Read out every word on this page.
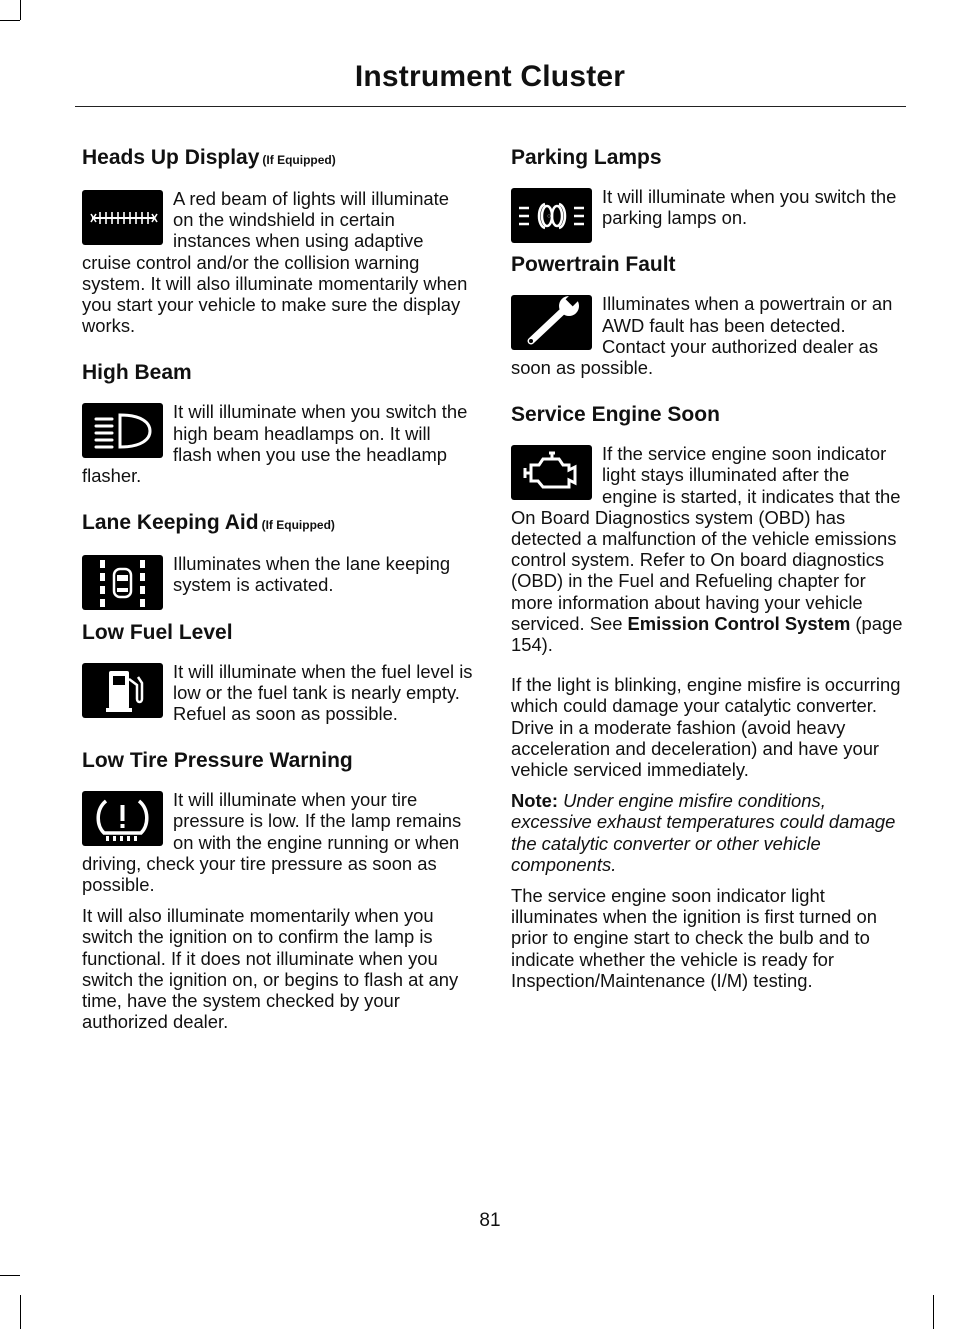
Instrument Cluster
Heads Up Display (If Equipped)

A red beam of lights will illuminate on the windshield in certain instances when using adaptive cruise control and/or the collision warning system. It will also illuminate momentarily when you start your vehicle to make sure the display works.

High Beam

It will illuminate when you switch the high beam headlamps on. It will flash when you use the headlamp flasher.

Lane Keeping Aid (If Equipped)

Illuminates when the lane keeping system is activated.

Low Fuel Level

It will illuminate when the fuel level is low or the fuel tank is nearly empty. Refuel as soon as possible.

Low Tire Pressure Warning

It will illuminate when your tire pressure is low. If the lamp remains on with the engine running or when driving, check your tire pressure as soon as possible.

It will also illuminate momentarily when you switch the ignition on to confirm the lamp is functional. If it does not illuminate when you switch the ignition on, or begins to flash at any time, have the system checked by your authorized dealer.

Parking Lamps

It will illuminate when you switch the parking lamps on.

Powertrain Fault

Illuminates when a powertrain or an AWD fault has been detected. Contact your authorized dealer as soon as possible.

Service Engine Soon

If the service engine soon indicator light stays illuminated after the engine is started, it indicates that the On Board Diagnostics system (OBD) has detected a malfunction of the vehicle emissions control system. Refer to On board diagnostics (OBD) in the Fuel and Refueling chapter for more information about having your vehicle serviced. See Emission Control System (page 154).

If the light is blinking, engine misfire is occurring which could damage your catalytic converter. Drive in a moderate fashion (avoid heavy acceleration and deceleration) and have your vehicle serviced immediately.

Note: Under engine misfire conditions, excessive exhaust temperatures could damage the catalytic converter or other vehicle components.

The service engine soon indicator light illuminates when the ignition is first turned on prior to engine start to check the bulb and to indicate whether the vehicle is ready for Inspection/Maintenance (I/M) testing.

81
